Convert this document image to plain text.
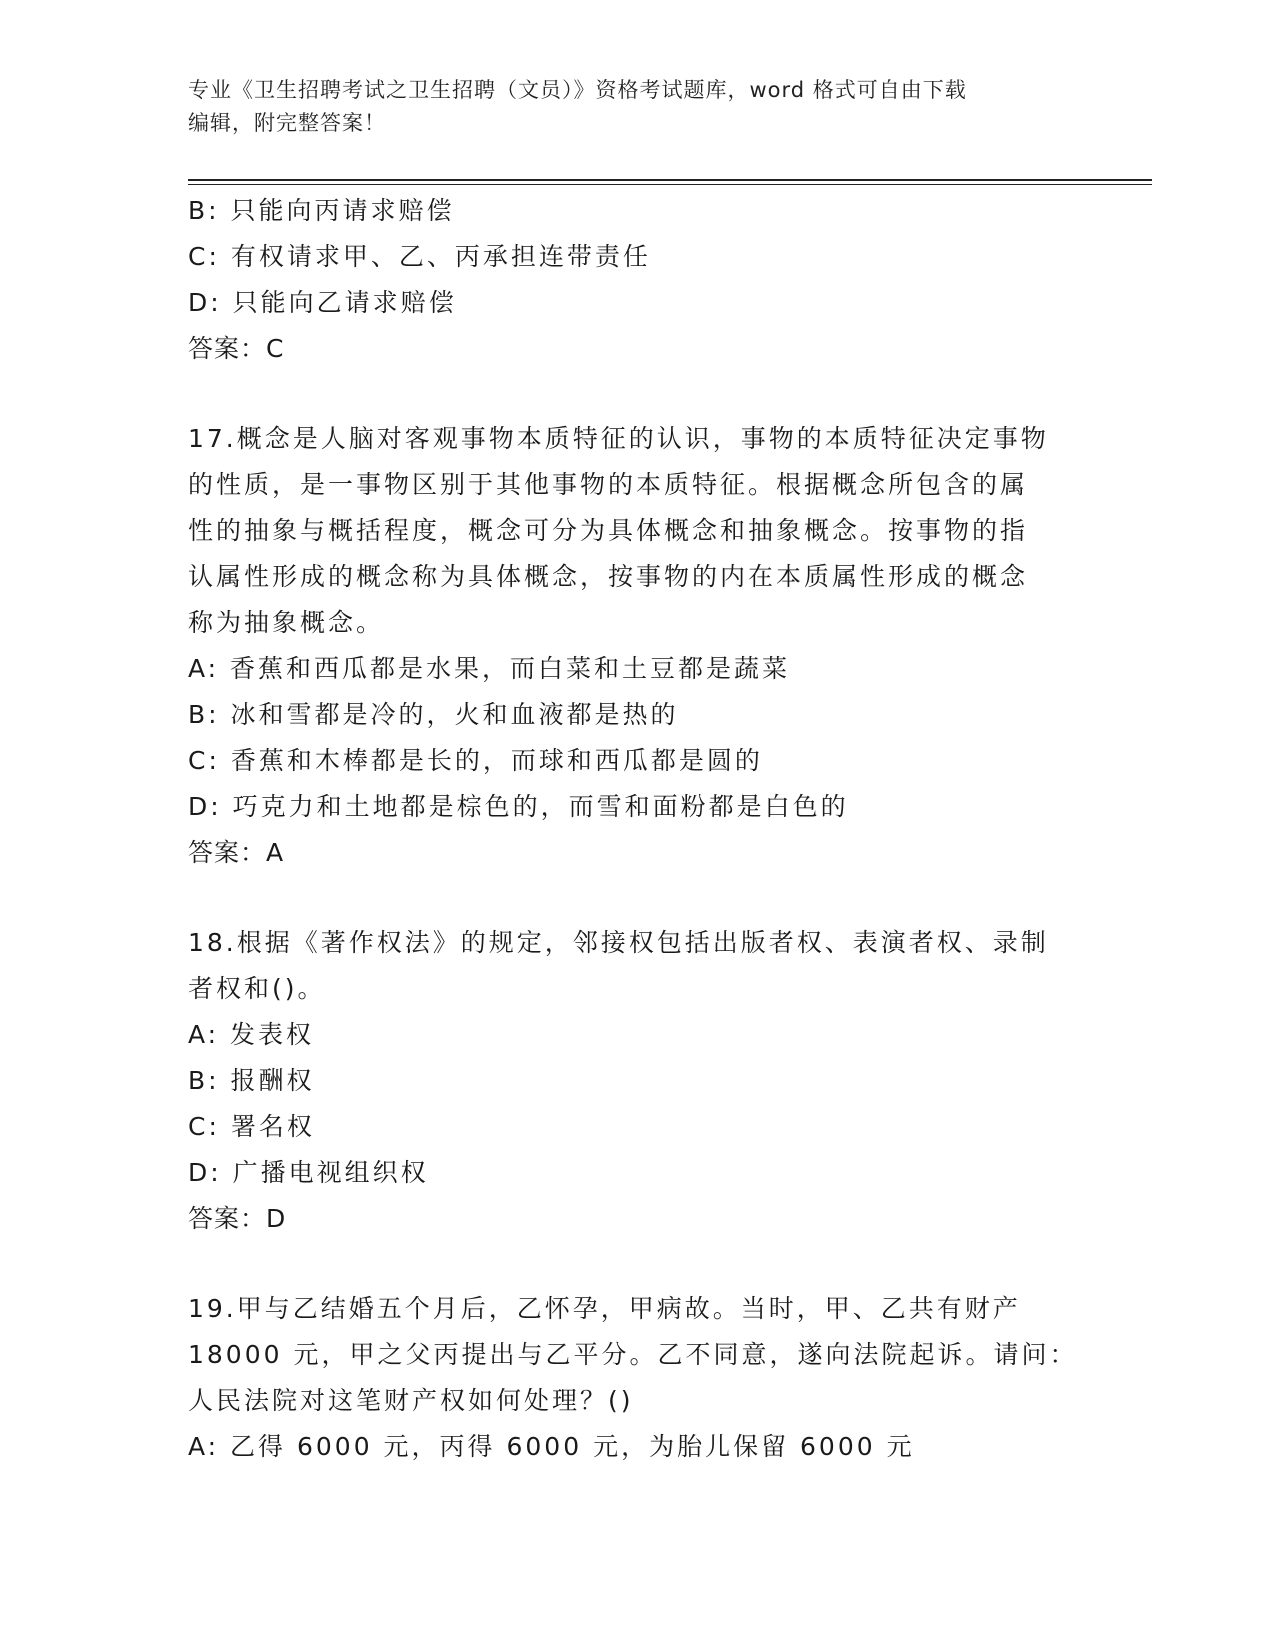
专业《卫生招聘考试之卫生招聘（文员）》资格考试题库，word 格式可自由下载
编辑，附完整答案！
B: 只能向丙请求赔偿
C: 有权请求甲、乙、丙承担连带责任
D: 只能向乙请求赔偿
答案：C
17.概念是人脑对客观事物本质特征的认识，事物的本质特征决定事物
的性质，是一事物区别于其他事物的本质特征。根据概念所包含的属
性的抽象与概括程度，概念可分为具体概念和抽象概念。按事物的指
认属性形成的概念称为具体概念，按事物的内在本质属性形成的概念
称为抽象概念。
A: 香蕉和西瓜都是水果，而白菜和土豆都是蔬菜
B: 冰和雪都是冷的，火和血液都是热的
C: 香蕉和木棒都是长的，而球和西瓜都是圆的
D: 巧克力和土地都是棕色的，而雪和面粉都是白色的
答案：A
18.根据《著作权法》的规定，邻接权包括出版者权、表演者权、录制
者权和()。
A: 发表权
B: 报酬权
C: 署名权
D: 广播电视组织权
答案：D
19.甲与乙结婚五个月后，乙怀孕，甲病故。当时，甲、乙共有财产
18000 元，甲之父丙提出与乙平分。乙不同意，遂向法院起诉。请问：
人民法院对这笔财产权如何处理？()
A: 乙得 6000 元，丙得 6000 元，为胎儿保留 6000 元
